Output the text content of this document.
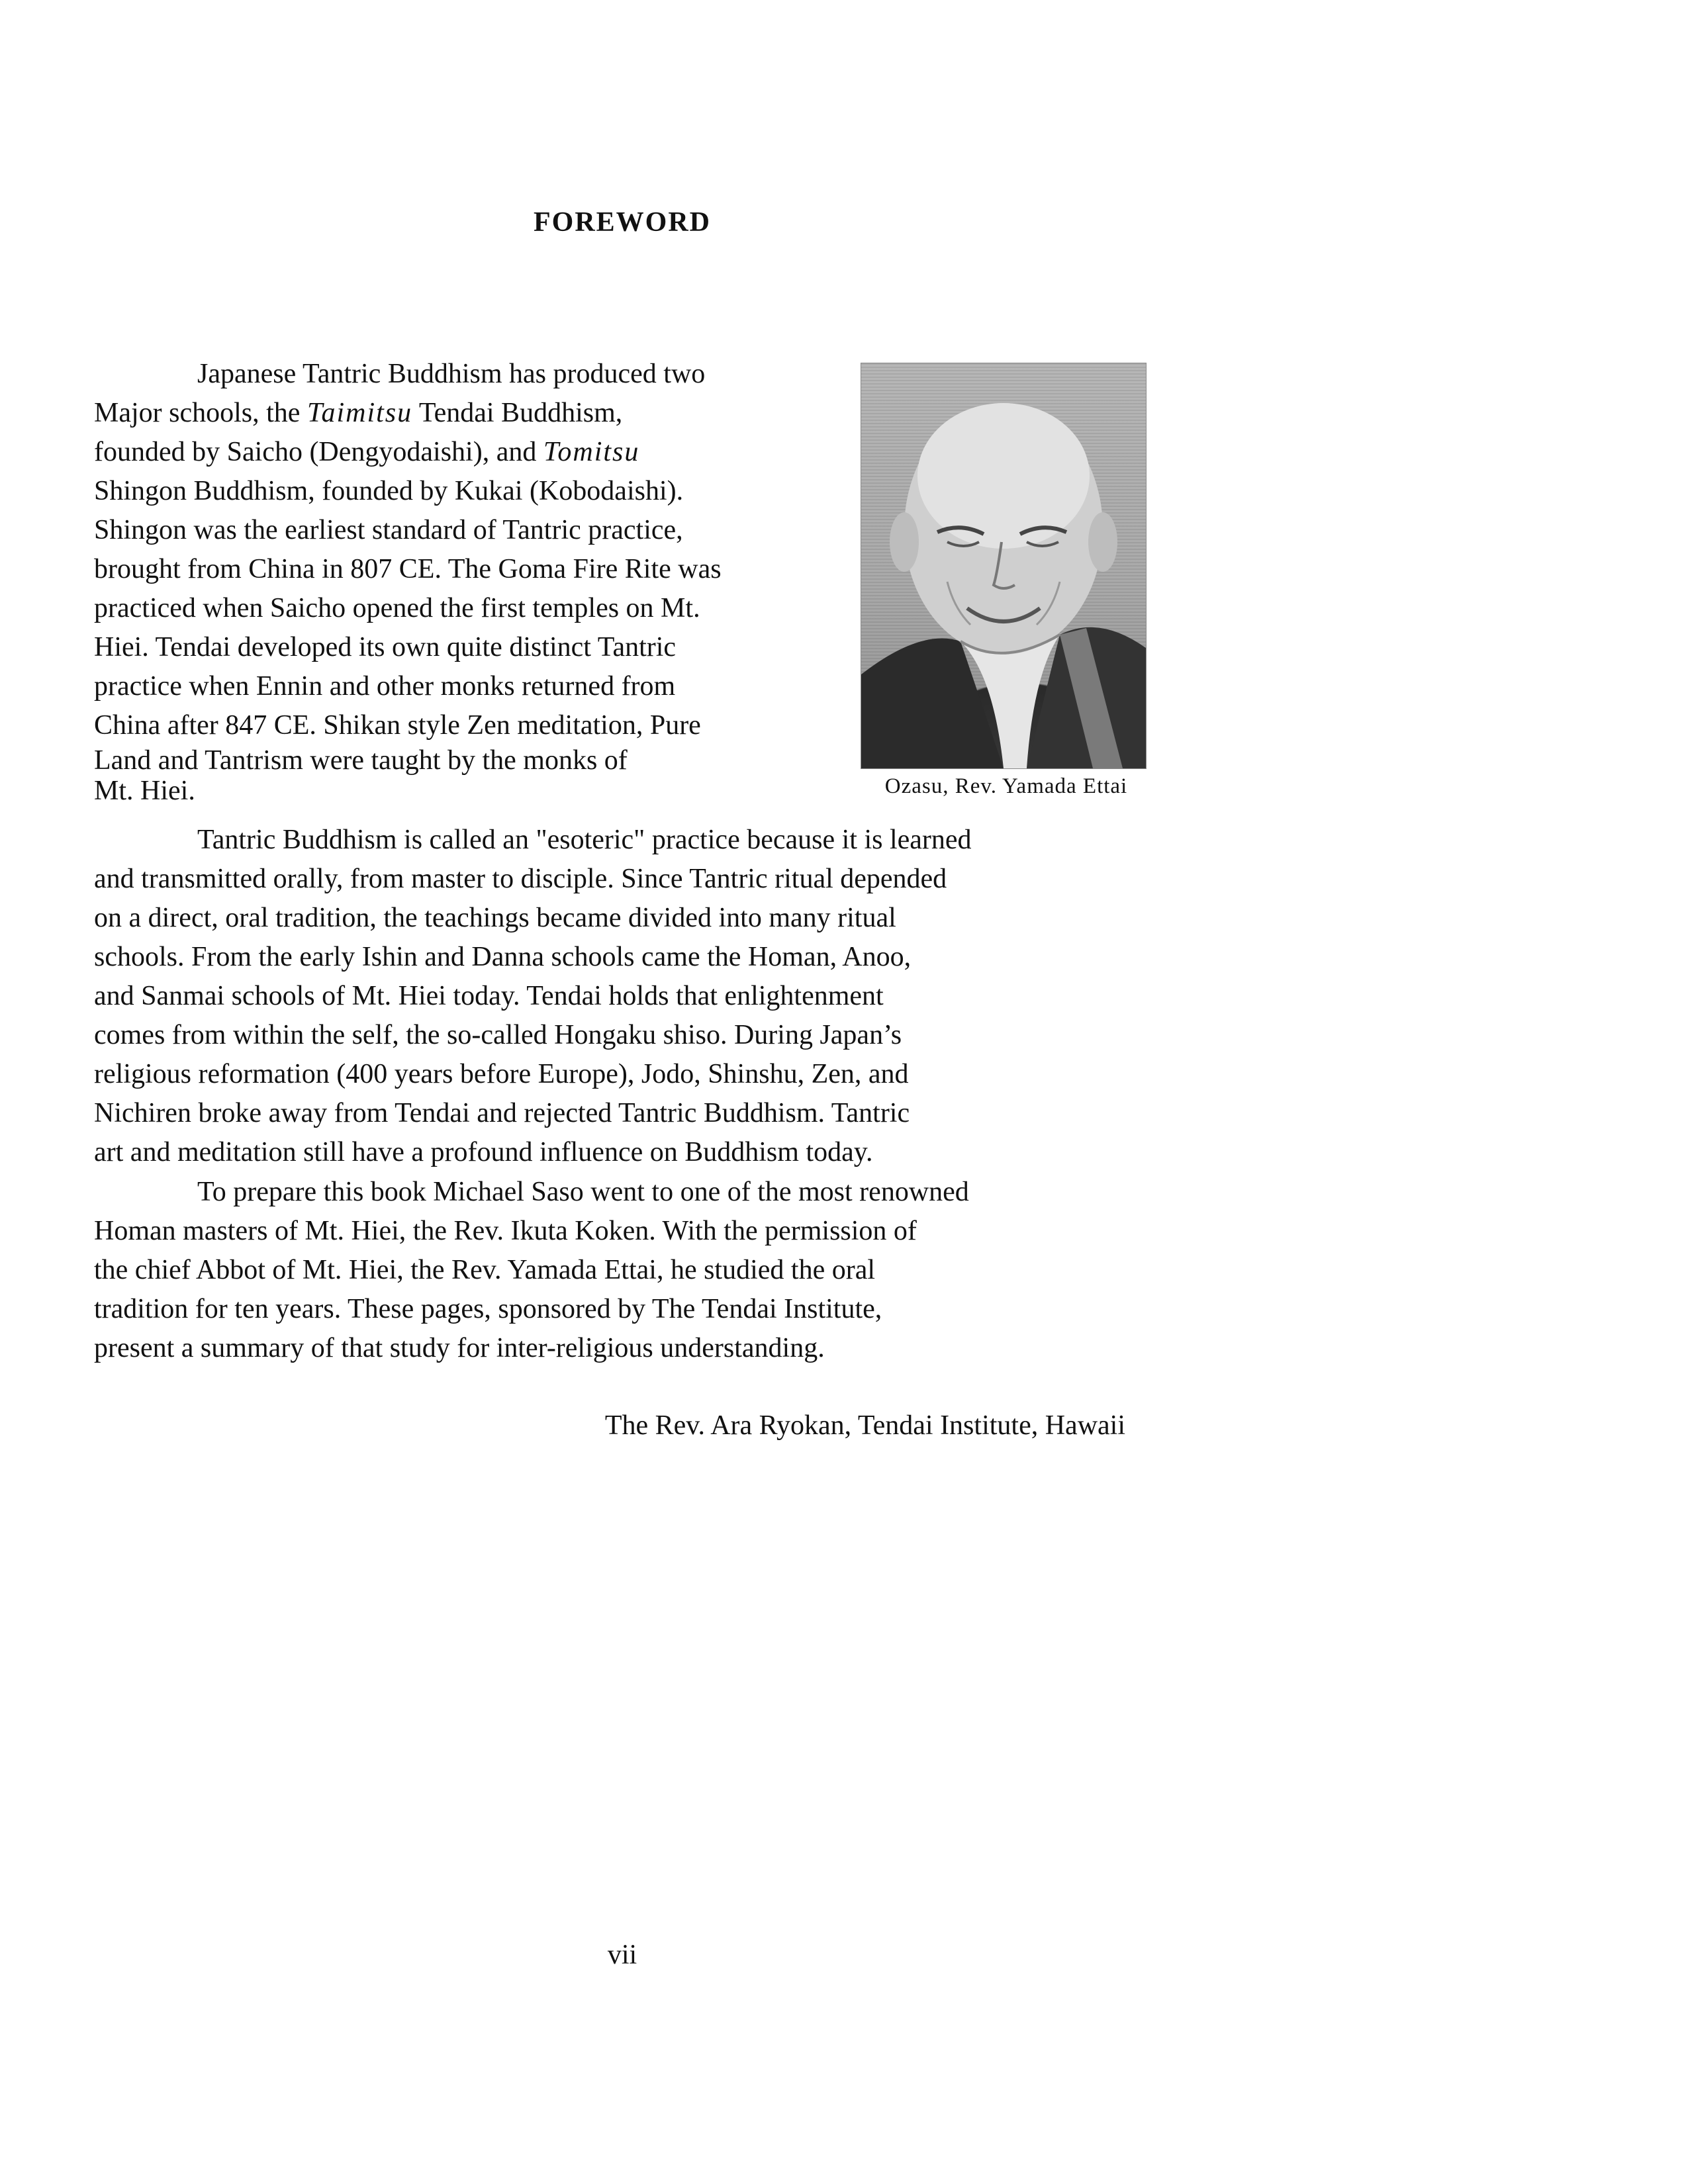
FOREWORD

Japanese Tantric Buddhism has produced two
Major schools, the Taimitsu Tendai Buddhism,
founded by Saicho (Dengyodaishi), and Tomitsu
Shingon Buddhism, founded by Kukai (Kobodaishi).
Shingon was the earliest standard of Tantric practice,
brought from China in 807 CE. The Goma Fire Rite was
practiced when Saicho opened the first temples on Mt.
Hiei. Tendai developed its own quite distinct Tantric
practice when Ennin and other monks returned from
China after 847 CE. Shikan style Zen meditation, Pure
Land and Tantrism were taught by the monks of
Mt. Hiei.	Ozasu, Rev. Yamada Ettai

Tantric Buddhism is called an "esoteric" practice because it is learned
and transmitted orally, from master to disciple. Since Tantric ritual depended
on a direct, oral tradition, the teachings became divided into many ritual
schools. From the early Ishin and Danna schools came the Homan, Anoo,
and Sanmai schools of Mt. Hiei today. Tendai holds that enlightenment
comes from within the self, the so-called Hongaku shiso. During Japan’s
religious reformation (400 years before Europe), Jodo, Shinshu, Zen, and
Nichiren broke away from Tendai and rejected Tantric Buddhism. Tantric
art and meditation still have a profound influence on Buddhism today.

To prepare this book Michael Saso went to one of the most renowned
Homan masters of Mt. Hiei, the Rev. Ikuta Koken. With the permission of
the chief Abbot of Mt. Hiei, the Rev. Yamada Ettai, he studied the oral
tradition for ten years. These pages, sponsored by The Tendai Institute,
present a summary of that study for inter-religious understanding.

The Rev. Ara Ryokan, Tendai Institute, Hawaii

vii
